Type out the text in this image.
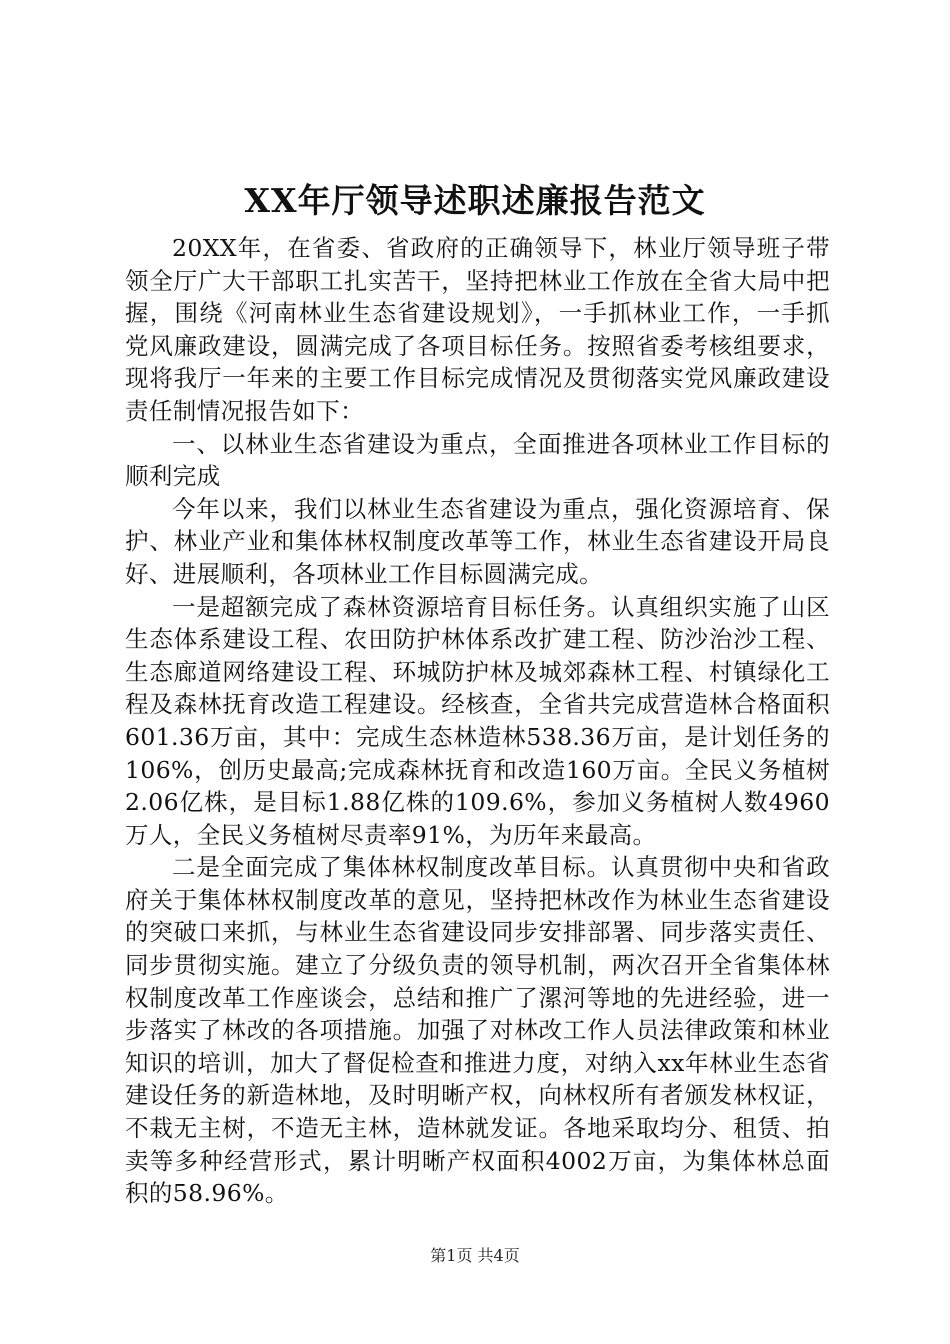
XX年厅领导述职述廉报告范文

20XX年，在省委、省政府的正确领导下，林业厅领导班子带领全厅广大干部职工扎实苦干，坚持把林业工作放在全省大局中把握，围绕《河南林业生态省建设规划》，一手抓林业工作，一手抓党风廉政建设，圆满完成了各项目标任务。按照省委考核组要求，现将我厅一年来的主要工作目标完成情况及贯彻落实党风廉政建设责任制情况报告如下：

一、以林业生态省建设为重点，全面推进各项林业工作目标的顺利完成

今年以来，我们以林业生态省建设为重点，强化资源培育、保护、林业产业和集体林权制度改革等工作，林业生态省建设开局良好、进展顺利，各项林业工作目标圆满完成。

一是超额完成了森林资源培育目标任务。认真组织实施了山区生态体系建设工程、农田防护林体系改扩建工程、防沙治沙工程、生态廊道网络建设工程、环城防护林及城郊森林工程、村镇绿化工程及森林抚育改造工程建设。经核查，全省共完成营造林合格面积601.36万亩，其中：完成生态林造林538.36万亩，是计划任务的106%，创历史最高;完成森林抚育和改造160万亩。全民义务植树2.06亿株，是目标1.88亿株的109.6%，参加义务植树人数4960万人，全民义务植树尽责率91%，为历年来最高。

二是全面完成了集体林权制度改革目标。认真贯彻中央和省政府关于集体林权制度改革的意见，坚持把林改作为林业生态省建设的突破口来抓，与林业生态省建设同步安排部署、同步落实责任、同步贯彻实施。建立了分级负责的领导机制，两次召开全省集体林权制度改革工作座谈会，总结和推广了漯河等地的先进经验，进一步落实了林改的各项措施。加强了对林改工作人员法律政策和林业知识的培训，加大了督促检查和推进力度，对纳入xx年林业生态省建设任务的新造林地，及时明晰产权，向林权所有者颁发林权证，不栽无主树，不造无主林，造林就发证。各地采取均分、租赁、拍卖等多种经营形式，累计明晰产权面积4002万亩，为集体林总面积的58.96%。

第1页 共4页
